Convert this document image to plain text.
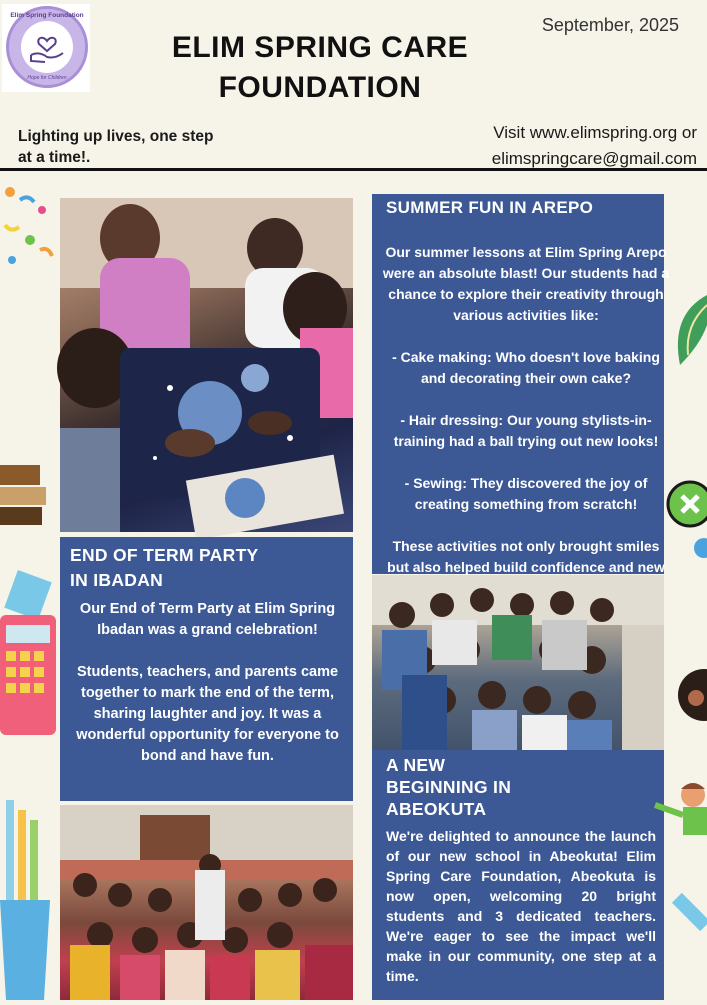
Elim Spring Foundation
Hope for Children
September, 2025
ELIM SPRING CARE
FOUNDATION
Lighting up lives, one step
at a time!.
Visit www.elimspring.org or
elimspringcare@gmail.com
SUMMER FUN IN AREPO

Our summer lessons at Elim Spring Arepo were an absolute blast! Our students had a chance to explore their creativity through various activities like:

- Cake making: Who doesn't love baking and decorating their own cake?

- Hair dressing: Our young stylists-in-training had a ball trying out new looks!

- Sewing: They discovered the joy of creating something from scratch!

These activities not only brought smiles but also helped build confidence and new

END OF TERM PARTY
IN IBADAN

Our End of Term Party at Elim Spring Ibadan was a grand celebration!

Students, teachers, and parents came together to mark the end of the term, sharing laughter and joy. It was a wonderful opportunity for everyone to bond and have fun.	A NEW
BEGINNING IN
ABEOKUTA

We're delighted to announce the launch of our new school in Abeokuta! Elim Spring Care Foundation, Abeokuta is now open, welcoming 20 bright students and 3 dedicated teachers. We're eager to see the impact we'll make in our community, one step at a time.
